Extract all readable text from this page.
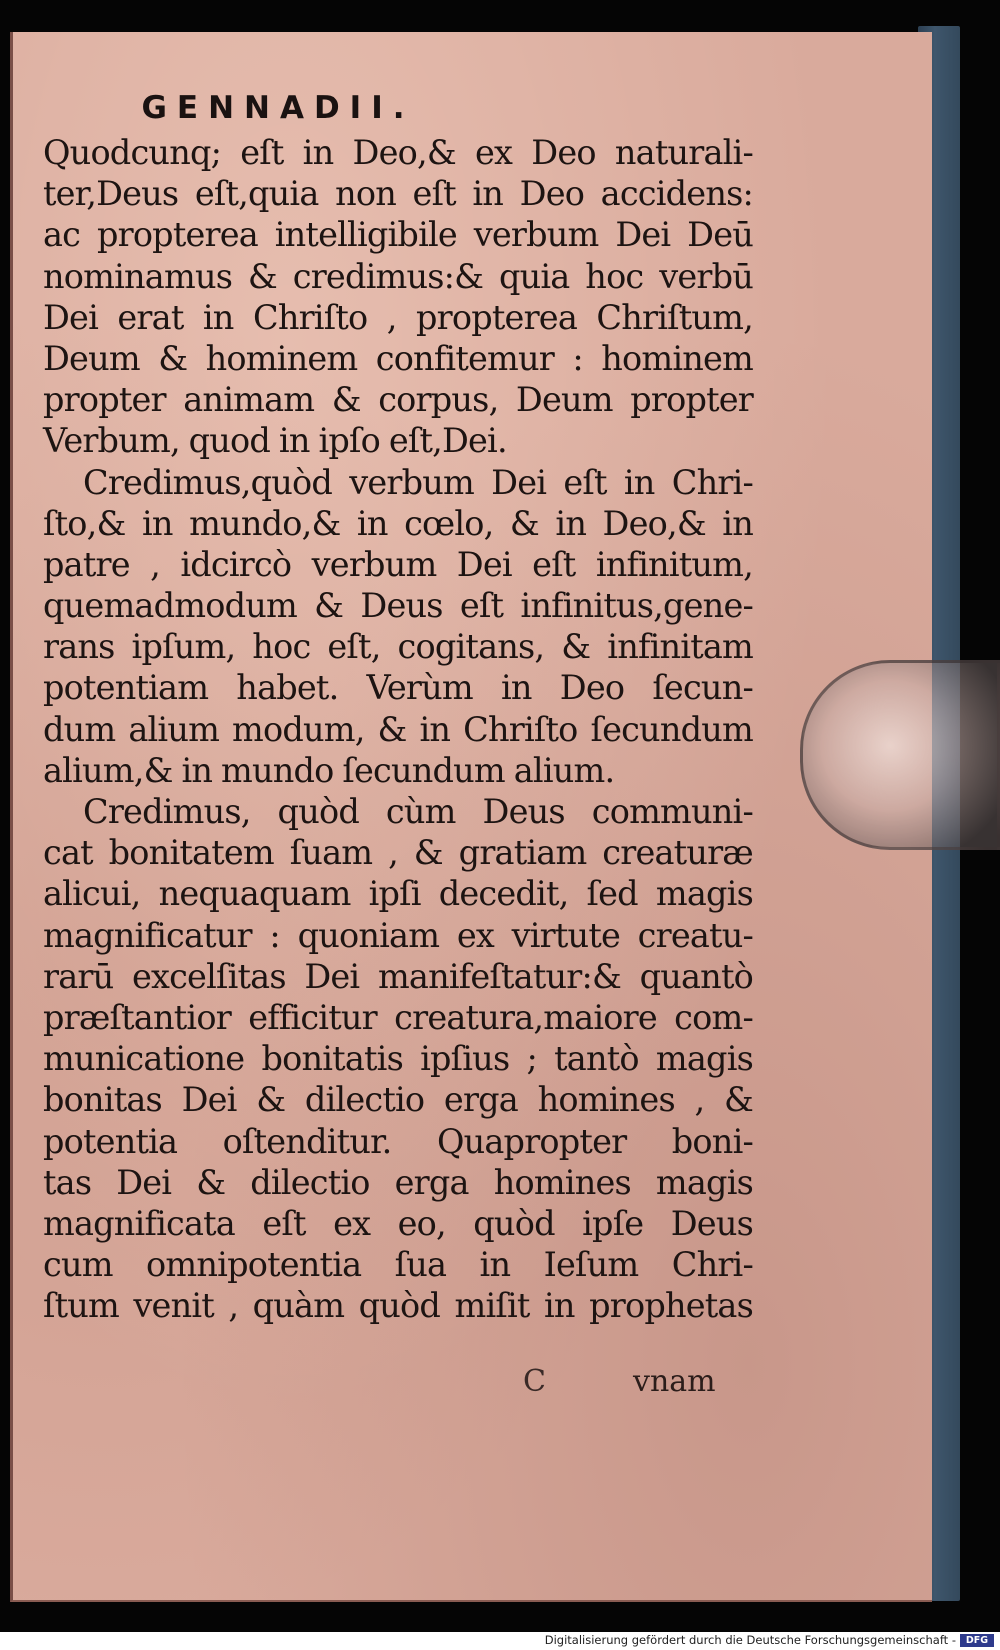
GENNADII.
Quodcunq; eſt in Deo,& ex Deo naturali-
ter,Deus eſt,quia non eſt in Deo accidens:
ac propterea intelligibile verbum Dei Deū
nominamus & credimus:& quia hoc verbū
Dei erat in Chriſto , propterea Chriſtum,
Deum & hominem confitemur : hominem
propter animam & corpus, Deum propter
Verbum, quod in ipſo eſt,Dei.
Credimus,quòd verbum Dei eſt in Chri-
ſto,& in mundo,& in cœlo, & in Deo,& in
patre , idcircò verbum Dei eſt infinitum,
quemadmodum & Deus eſt infinitus,gene-
rans ipſum, hoc eſt, cogitans, & infinitam
potentiam habet. Verùm in Deo ſecun-
dum alium modum, & in Chriſto ſecundum
alium,& in mundo ſecundum alium.
Credimus, quòd cùm Deus communi-
cat bonitatem ſuam , & gratiam creaturæ
alicui, nequaquam ipſi decedit, ſed magis
magnificatur : quoniam ex virtute creatu-
rarū excelſitas Dei manifeſtatur:& quantò
præſtantior efficitur creatura,maiore com-
municatione bonitatis ipſius ; tantò magis
bonitas Dei & dilectio erga homines , &
potentia oſtenditur. Quapropter boni-
tas Dei & dilectio erga homines magis
magnificata eſt ex eo, quòd ipſe Deus
cum omnipotentia ſua in Ieſum Chri-
ſtum venit , quàm quòd miſit in prophetas
C	vnam
Digitalisierung gefördert durch die Deutsche Forschungsgemeinschaft -	DFG
